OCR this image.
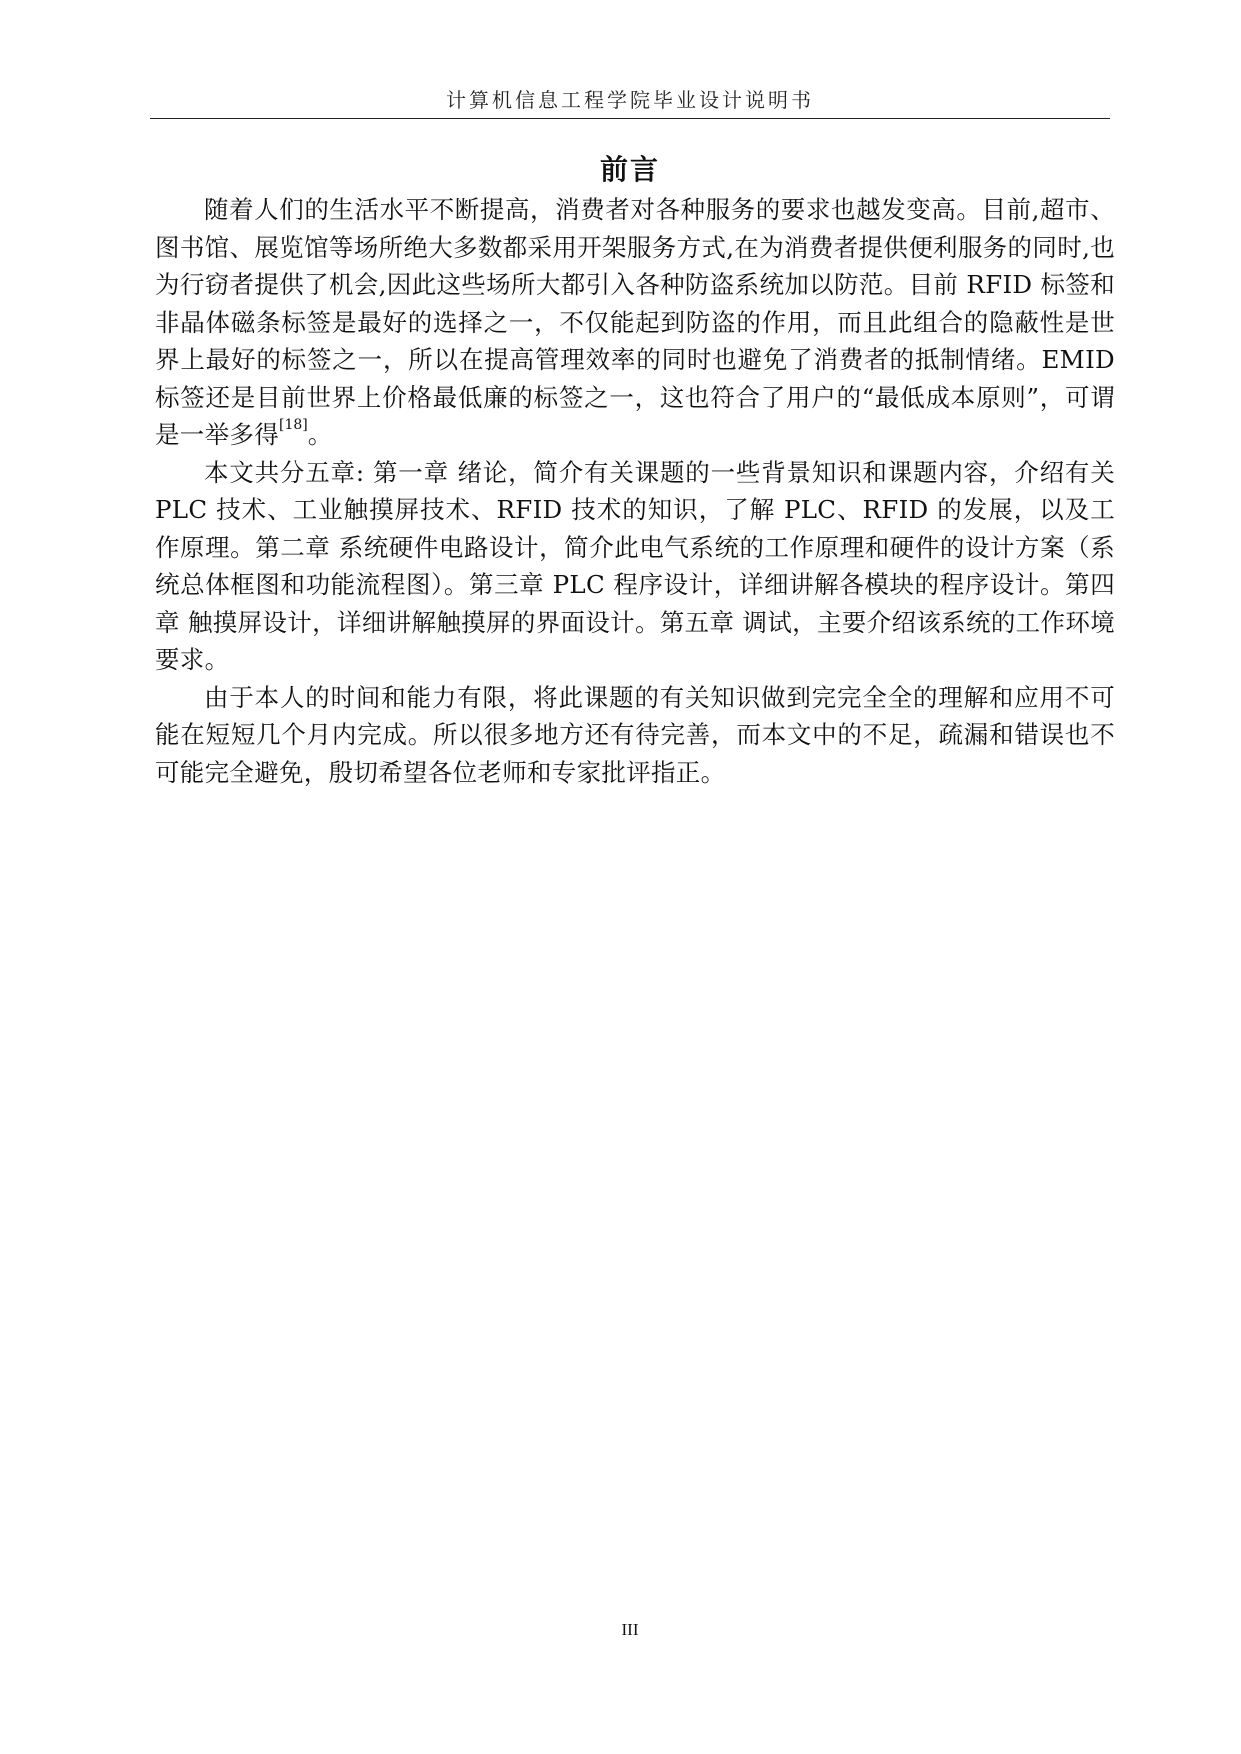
计算机信息工程学院毕业设计说明书
前言

随着人们的生活水平不断提高，消费者对各种服务的要求也越发变高。目前,超市、图书馆、展览馆等场所绝大多数都采用开架服务方式,在为消费者提供便利服务的同时,也为行窃者提供了机会,因此这些场所大都引入各种防盗系统加以防范。目前 RFID 标签和非晶体磁条标签是最好的选择之一，不仅能起到防盗的作用，而且此组合的隐蔽性是世界上最好的标签之一，所以在提高管理效率的同时也避免了消费者的抵制情绪。EMID 标签还是目前世界上价格最低廉的标签之一，这也符合了用户的“最低成本原则”，可谓是一举多得[18]。

本文共分五章: 第一章 绪论，简介有关课题的一些背景知识和课题内容，介绍有关 PLC 技术、工业触摸屏技术、RFID 技术的知识，了解 PLC、RFID 的发展，以及工作原理。第二章 系统硬件电路设计，简介此电气系统的工作原理和硬件的设计方案（系统总体框图和功能流程图）。第三章 PLC 程序设计，详细讲解各模块的程序设计。第四章 触摸屏设计，详细讲解触摸屏的界面设计。第五章 调试，主要介绍该系统的工作环境要求。

由于本人的时间和能力有限，将此课题的有关知识做到完完全全的理解和应用不可能在短短几个月内完成。所以很多地方还有待完善，而本文中的不足，疏漏和错误也不可能完全避免，殷切希望各位老师和专家批评指正。

III
